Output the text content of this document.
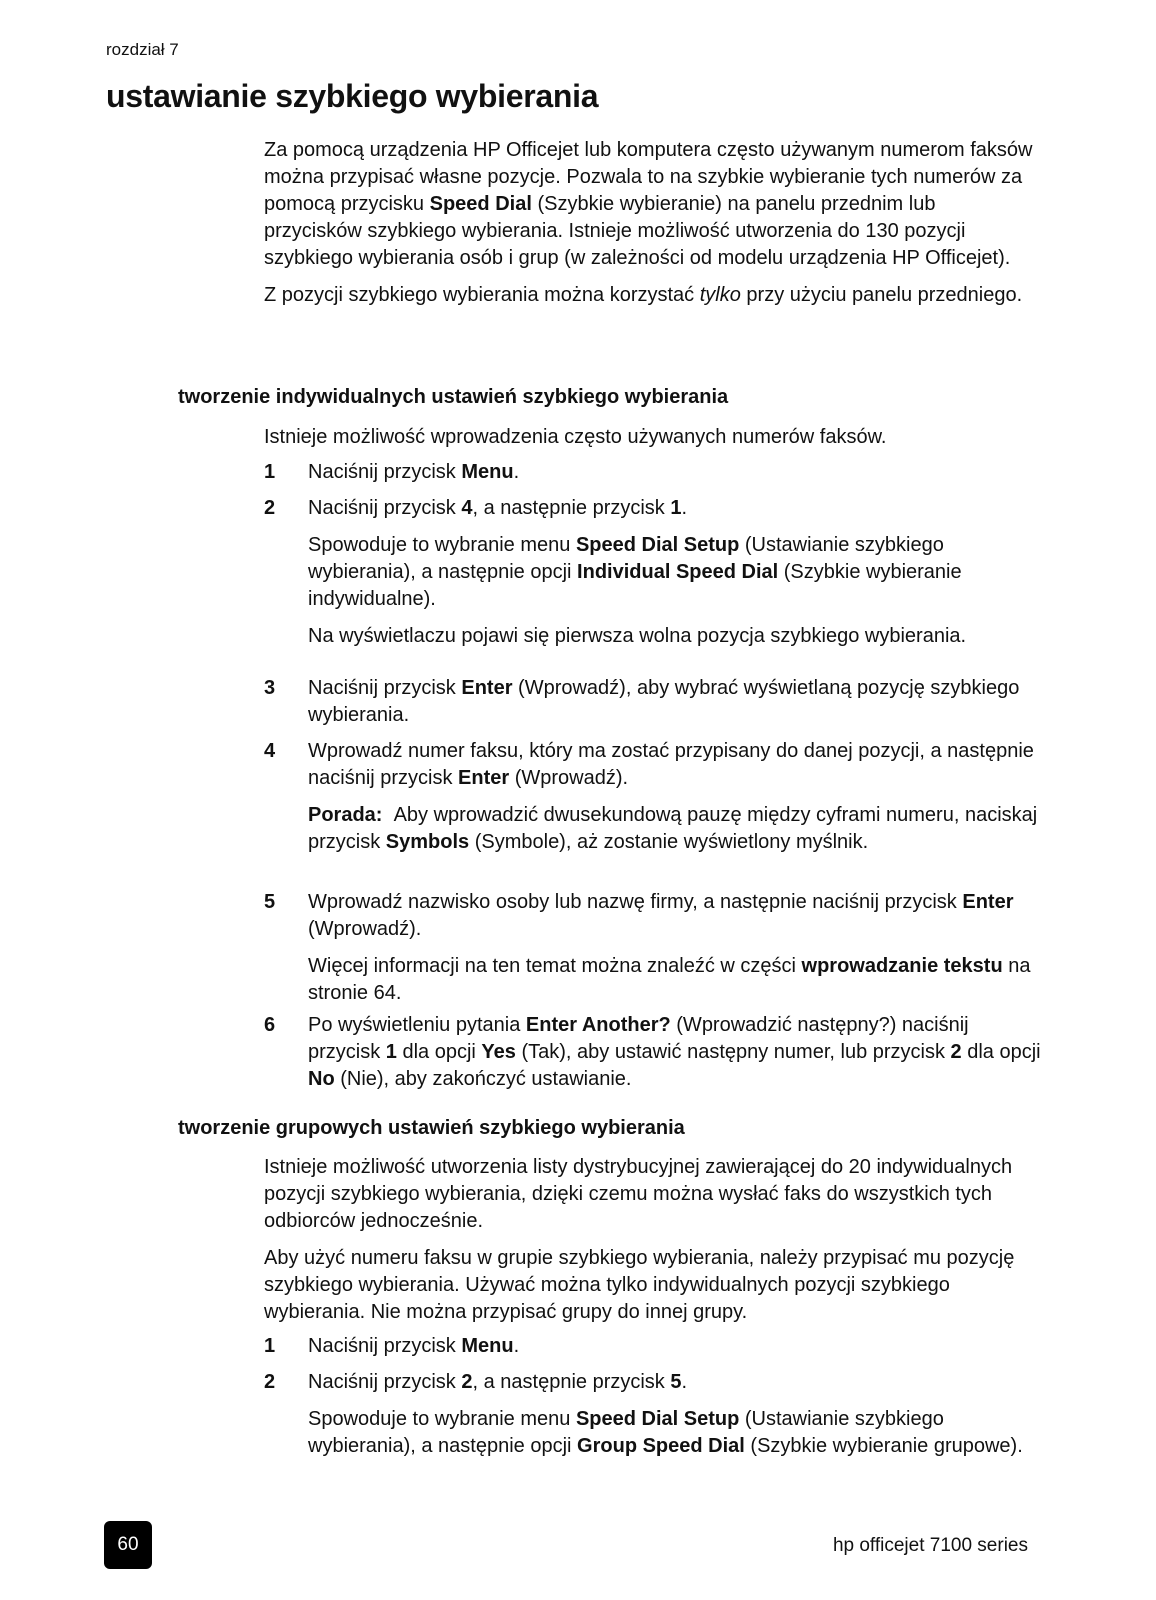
rozdział 7
ustawianie szybkiego wybierania

Za pomocą urządzenia HP Officejet lub komputera często używanym numerom faksów można przypisać własne pozycje. Pozwala to na szybkie wybieranie tych numerów za pomocą przycisku Speed Dial (Szybkie wybieranie) na panelu przednim lub przycisków szybkiego wybierania. Istnieje możliwość utworzenia do 130 pozycji szybkiego wybierania osób i grup (w zależności od modelu urządzenia HP Officejet).

Z pozycji szybkiego wybierania można korzystać tylko przy użyciu panelu przedniego.

tworzenie indywidualnych ustawień szybkiego wybierania
Istnieje możliwość wprowadzenia często używanych numerów faksów.
1	Naciśnij przycisk Menu.

2	Naciśnij przycisk 4, a następnie przycisk 1.

Spowoduje to wybranie menu Speed Dial Setup (Ustawianie szybkiego wybierania), a następnie opcji Individual Speed Dial (Szybkie wybieranie indywidualne).

Na wyświetlaczu pojawi się pierwsza wolna pozycja szybkiego wybierania.

3	Naciśnij przycisk Enter (Wprowadź), aby wybrać wyświetlaną pozycję szybkiego wybierania.

4	Wprowadź numer faksu, który ma zostać przypisany do danej pozycji, a następnie naciśnij przycisk Enter (Wprowadź).

Porada:  Aby wprowadzić dwusekundową pauzę między cyframi numeru, naciskaj przycisk Symbols (Symbole), aż zostanie wyświetlony myślnik.

5	Wprowadź nazwisko osoby lub nazwę firmy, a następnie naciśnij przycisk Enter (Wprowadź).

Więcej informacji na ten temat można znaleźć w części wprowadzanie tekstu na stronie 64.

6	Po wyświetleniu pytania Enter Another? (Wprowadzić następny?) naciśnij przycisk 1 dla opcji Yes (Tak), aby ustawić następny numer, lub przycisk 2 dla opcji No (Nie), aby zakończyć ustawianie.

tworzenie grupowych ustawień szybkiego wybierania

Istnieje możliwość utworzenia listy dystrybucyjnej zawierającej do 20 indywidualnych pozycji szybkiego wybierania, dzięki czemu można wysłać faks do wszystkich tych odbiorców jednocześnie.

Aby użyć numeru faksu w grupie szybkiego wybierania, należy przypisać mu pozycję szybkiego wybierania. Używać można tylko indywidualnych pozycji szybkiego wybierania. Nie można przypisać grupy do innej grupy.

1	Naciśnij przycisk Menu.

2	Naciśnij przycisk 2, a następnie przycisk 5.

Spowoduje to wybranie menu Speed Dial Setup (Ustawianie szybkiego wybierania), a następnie opcji Group Speed Dial (Szybkie wybieranie grupowe).

60	hp officejet 7100 series
